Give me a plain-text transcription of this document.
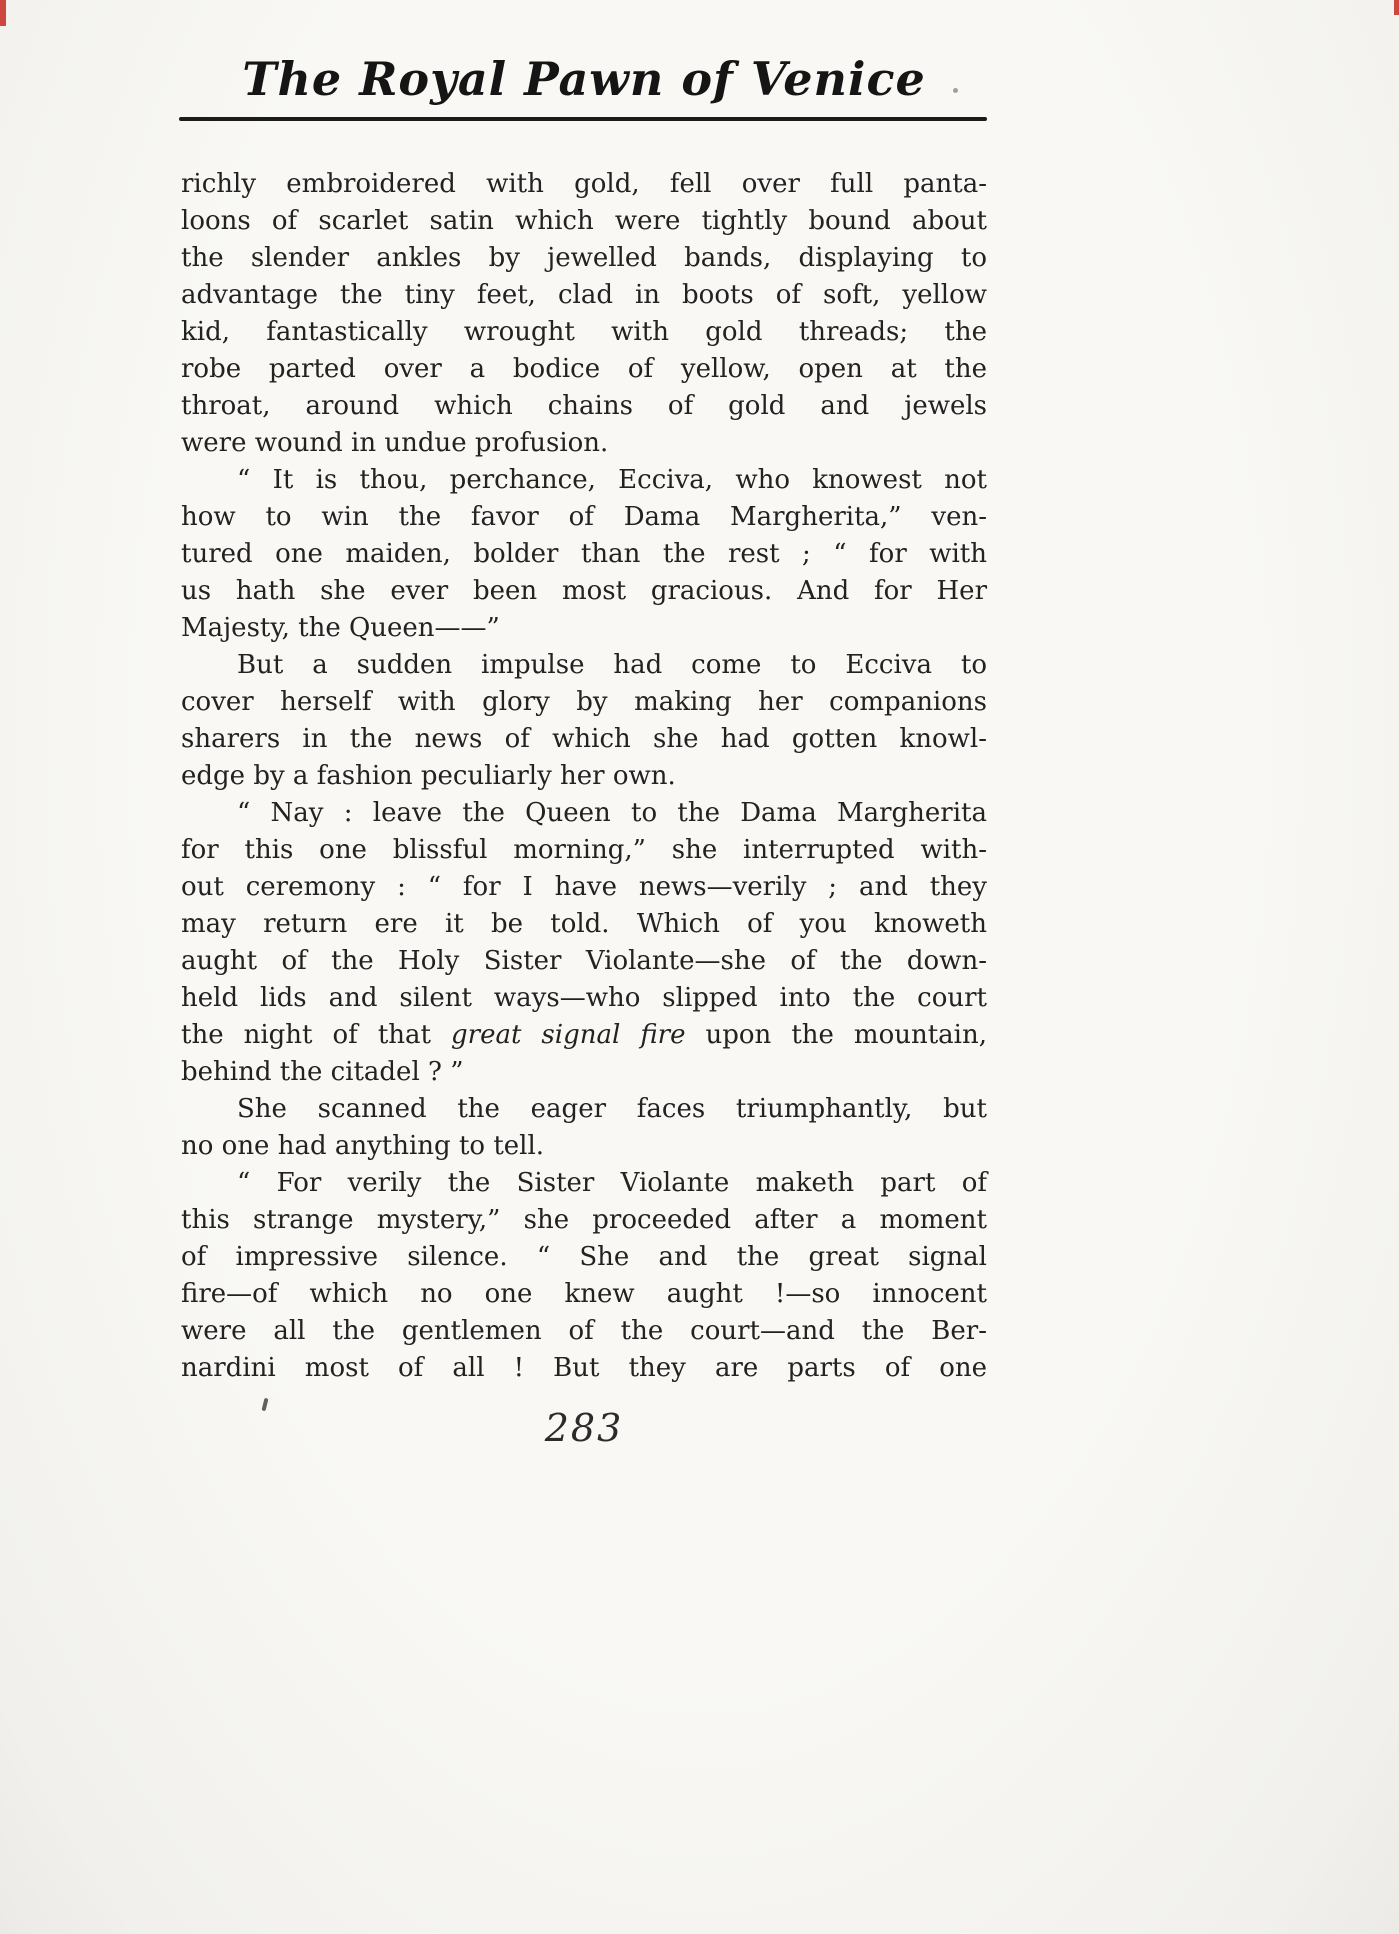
The Royal Pawn of Venice
richly embroidered with gold, fell over full panta-
loons of scarlet satin which were tightly bound about
the slender ankles by jewelled bands, displaying to
advantage the tiny feet, clad in boots of soft, yellow
kid, fantastically wrought with gold threads; the
robe parted over a bodice of yellow, open at the
throat, around which chains of gold and jewels
were wound in undue profusion.
“ It is thou, perchance, Ecciva, who knowest not
how to win the favor of Dama Margherita,” ven-
tured one maiden, bolder than the rest ; “ for with
us hath she ever been most gracious. And for Her
Majesty, the Queen——”
But a sudden impulse had come to Ecciva to
cover herself with glory by making her companions
sharers in the news of which she had gotten knowl-
edge by a fashion peculiarly her own.
“ Nay : leave the Queen to the Dama Margherita
for this one blissful morning,” she interrupted with-
out ceremony : “ for I have news—verily ; and they
may return ere it be told. Which of you knoweth
aught of the Holy Sister Violante—she of the down-
held lids and silent ways—who slipped into the court
the night of that great signal fire upon the mountain,
behind the citadel ? ”
She scanned the eager faces triumphantly, but
no one had anything to tell.
“ For verily the Sister Violante maketh part of
this strange mystery,” she proceeded after a moment
of impressive silence. “ She and the great signal
fire—of which no one knew aught !—so innocent
were all the gentlemen of the court—and the Ber-
nardini most of all ! But they are parts of one
283
